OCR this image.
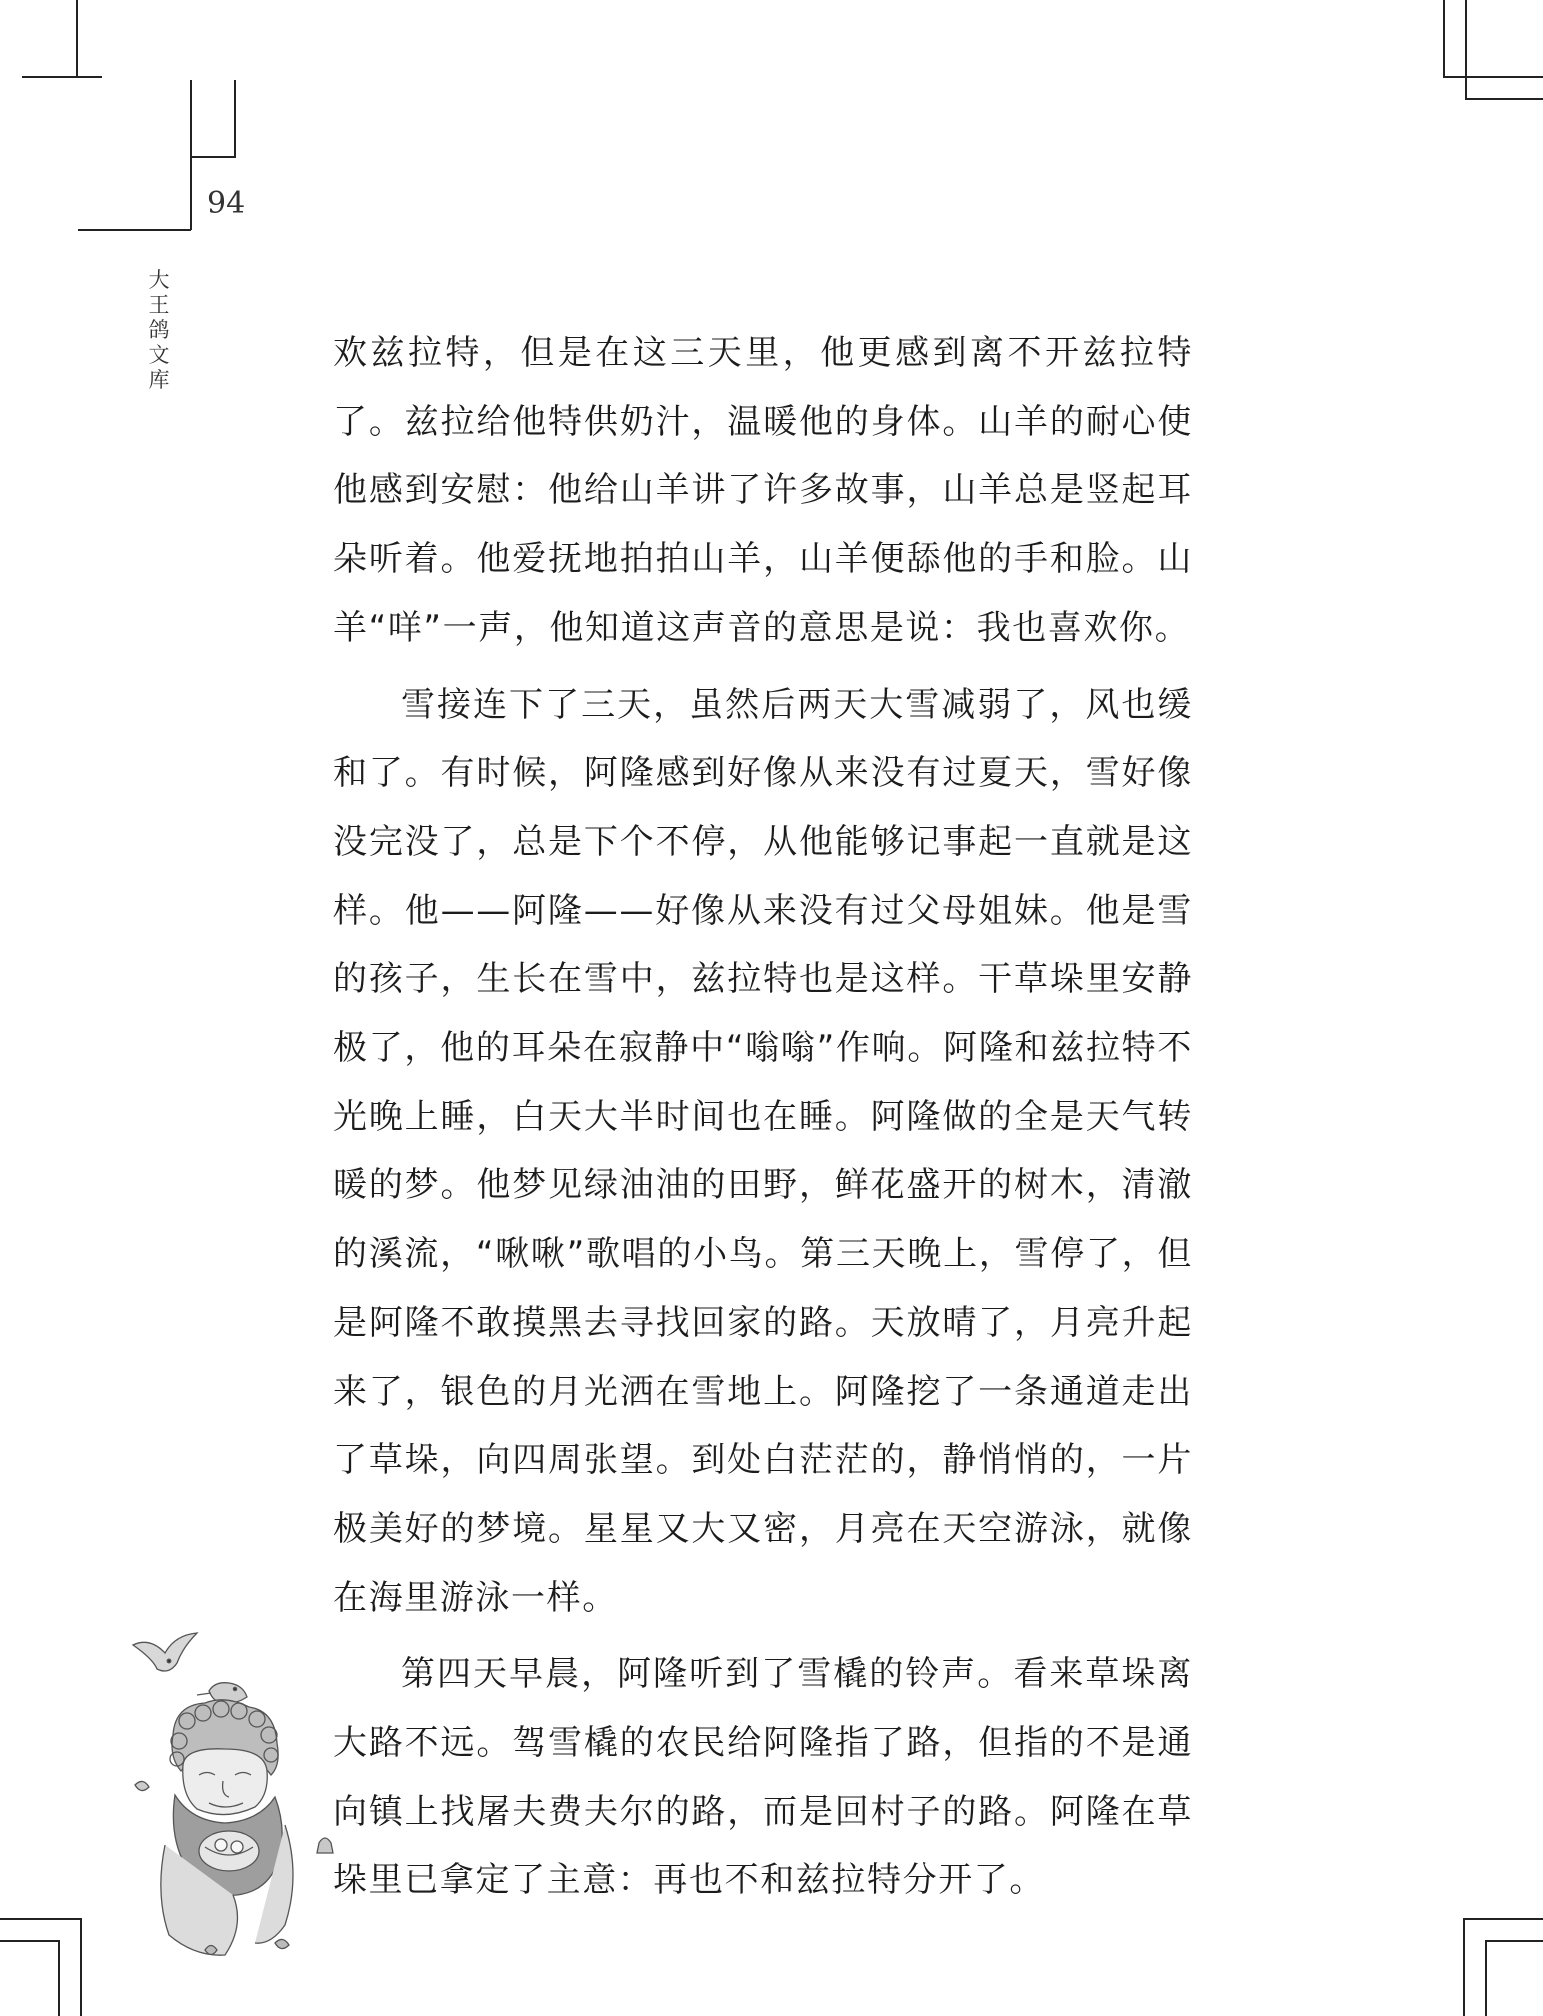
94
大王鸽文库

欢兹拉特，但是在这三天里，他更感到离不开兹拉特了。兹拉给他特供奶汁，温暖他的身体。山羊的耐心使他感到安慰：他给山羊讲了许多故事，山羊总是竖起耳朵听着。他爱抚地拍拍山羊，山羊便舔他的手和脸。山羊“咩”一声，他知道这声音的意思是说：我也喜欢你。

雪接连下了三天，虽然后两天大雪减弱了，风也缓和了。有时候，阿隆感到好像从来没有过夏天，雪好像没完没了，总是下个不停，从他能够记事起一直就是这样。他——阿隆——好像从来没有过父母姐妹。他是雪的孩子，生长在雪中，兹拉特也是这样。干草垛里安静极了，他的耳朵在寂静中“嗡嗡”作响。阿隆和兹拉特不光晚上睡，白天大半时间也在睡。阿隆做的全是天气转暖的梦。他梦见绿油油的田野，鲜花盛开的树木，清澈的溪流，“啾啾”歌唱的小鸟。第三天晚上，雪停了，但是阿隆不敢摸黑去寻找回家的路。天放晴了，月亮升起来了，银色的月光洒在雪地上。阿隆挖了一条通道走出了草垛，向四周张望。到处白茫茫的，静悄悄的，一片极美好的梦境。星星又大又密，月亮在天空游泳，就像在海里游泳一样。

第四天早晨，阿隆听到了雪橇的铃声。看来草垛离大路不远。驾雪橇的农民给阿隆指了路，但指的不是通向镇上找屠夫费夫尔的路，而是回村子的路。阿隆在草垛里已拿定了主意：再也不和兹拉特分开了。
